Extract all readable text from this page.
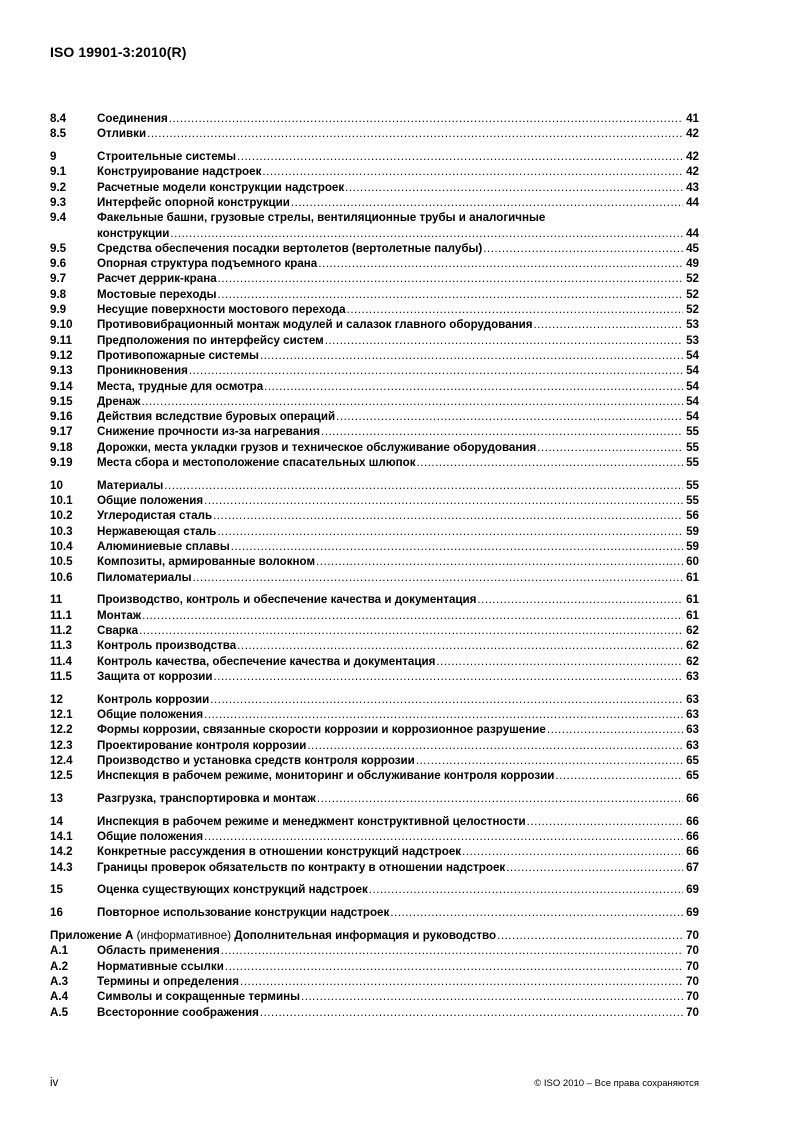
ISO 19901-3:2010(R)
8.4	Соединения .....	41
8.5	Отливки .....	42
9	Строительные системы .....	42
9.1	Конструирование надстроек .....	42
9.2	Расчетные модели конструкции надстроек .....	43
9.3	Интерфейс опорной конструкции .....	44
9.4	Факельные башни, грузовые стрелы, вентиляционные трубы и аналогичные
конструкции .....	44
9.5	Средства обеспечения посадки вертолетов (вертолетные палубы) .....	45
9.6	Опорная структура подъемного крана .....	49
9.7	Расчет деррик-крана .....	52
9.8	Мостовые переходы .....	52
9.9	Несущие поверхности мостового перехода .....	52
9.10	Противовибрационный монтаж модулей и салазок главного оборудования .....	53
9.11	Предположения по интерфейсу систем .....	53
9.12	Противопожарные системы .....	54
9.13	Проникновения .....	54
9.14	Места, трудные для осмотра .....	54
9.15	Дренаж .....	54
9.16	Действия вследствие буровых операций .....	54
9.17	Снижение прочности из-за нагревания .....	55
9.18	Дорожки, места укладки грузов и техническое обслуживание оборудования .....	55
9.19	Места сбора и местоположение спасательных шлюпок .....	55
10	Материалы .....	55
10.1	Общие положения .....	55
10.2	Углеродистая сталь .....	56
10.3	Нержавеющая сталь .....	59
10.4	Алюминиевые сплавы .....	59
10.5	Композиты, армированные волокном .....	60
10.6	Пиломатериалы .....	61
11	Производство, контроль и обеспечение качества и документация .....	61
11.1	Монтаж .....	61
11.2	Сварка .....	62
11.3	Контроль производства .....	62
11.4	Контроль качества, обеспечение качества и документация .....	62
11.5	Защита от коррозии .....	63
12	Контроль коррозии .....	63
12.1	Общие положения .....	63
12.2	Формы коррозии, связанные скорости коррозии и коррозионное разрушение .....	63
12.3	Проектирование контроля коррозии .....	63
12.4	Производство и установка средств контроля коррозии .....	65
12.5	Инспекция в рабочем режиме, мониторинг и обслуживание контроля коррозии .....	65
13	Разгрузка, транспортировка и монтаж .....	66
14	Инспекция в рабочем режиме и менеджмент конструктивной целостности .....	66
14.1	Общие положения .....	66
14.2	Конкретные рассуждения в отношении конструкций надстроек .....	66
14.3	Границы проверок обязательств по контракту в отношении надстроек .....	67
15	Оценка существующих конструкций надстроек .....	69
16	Повторное использование конструкции надстроек .....	69
Приложение А (информативное) Дополнительная информация и руководство .....	70
A.1	Область применения .....	70
A.2	Нормативные ссылки .....	70
A.3	Термины и определения .....	70
A.4	Символы и сокращенные термины .....	70
A.5	Всесторонние соображения .....	70
iv	© ISO 2010 – Все права сохраняются
